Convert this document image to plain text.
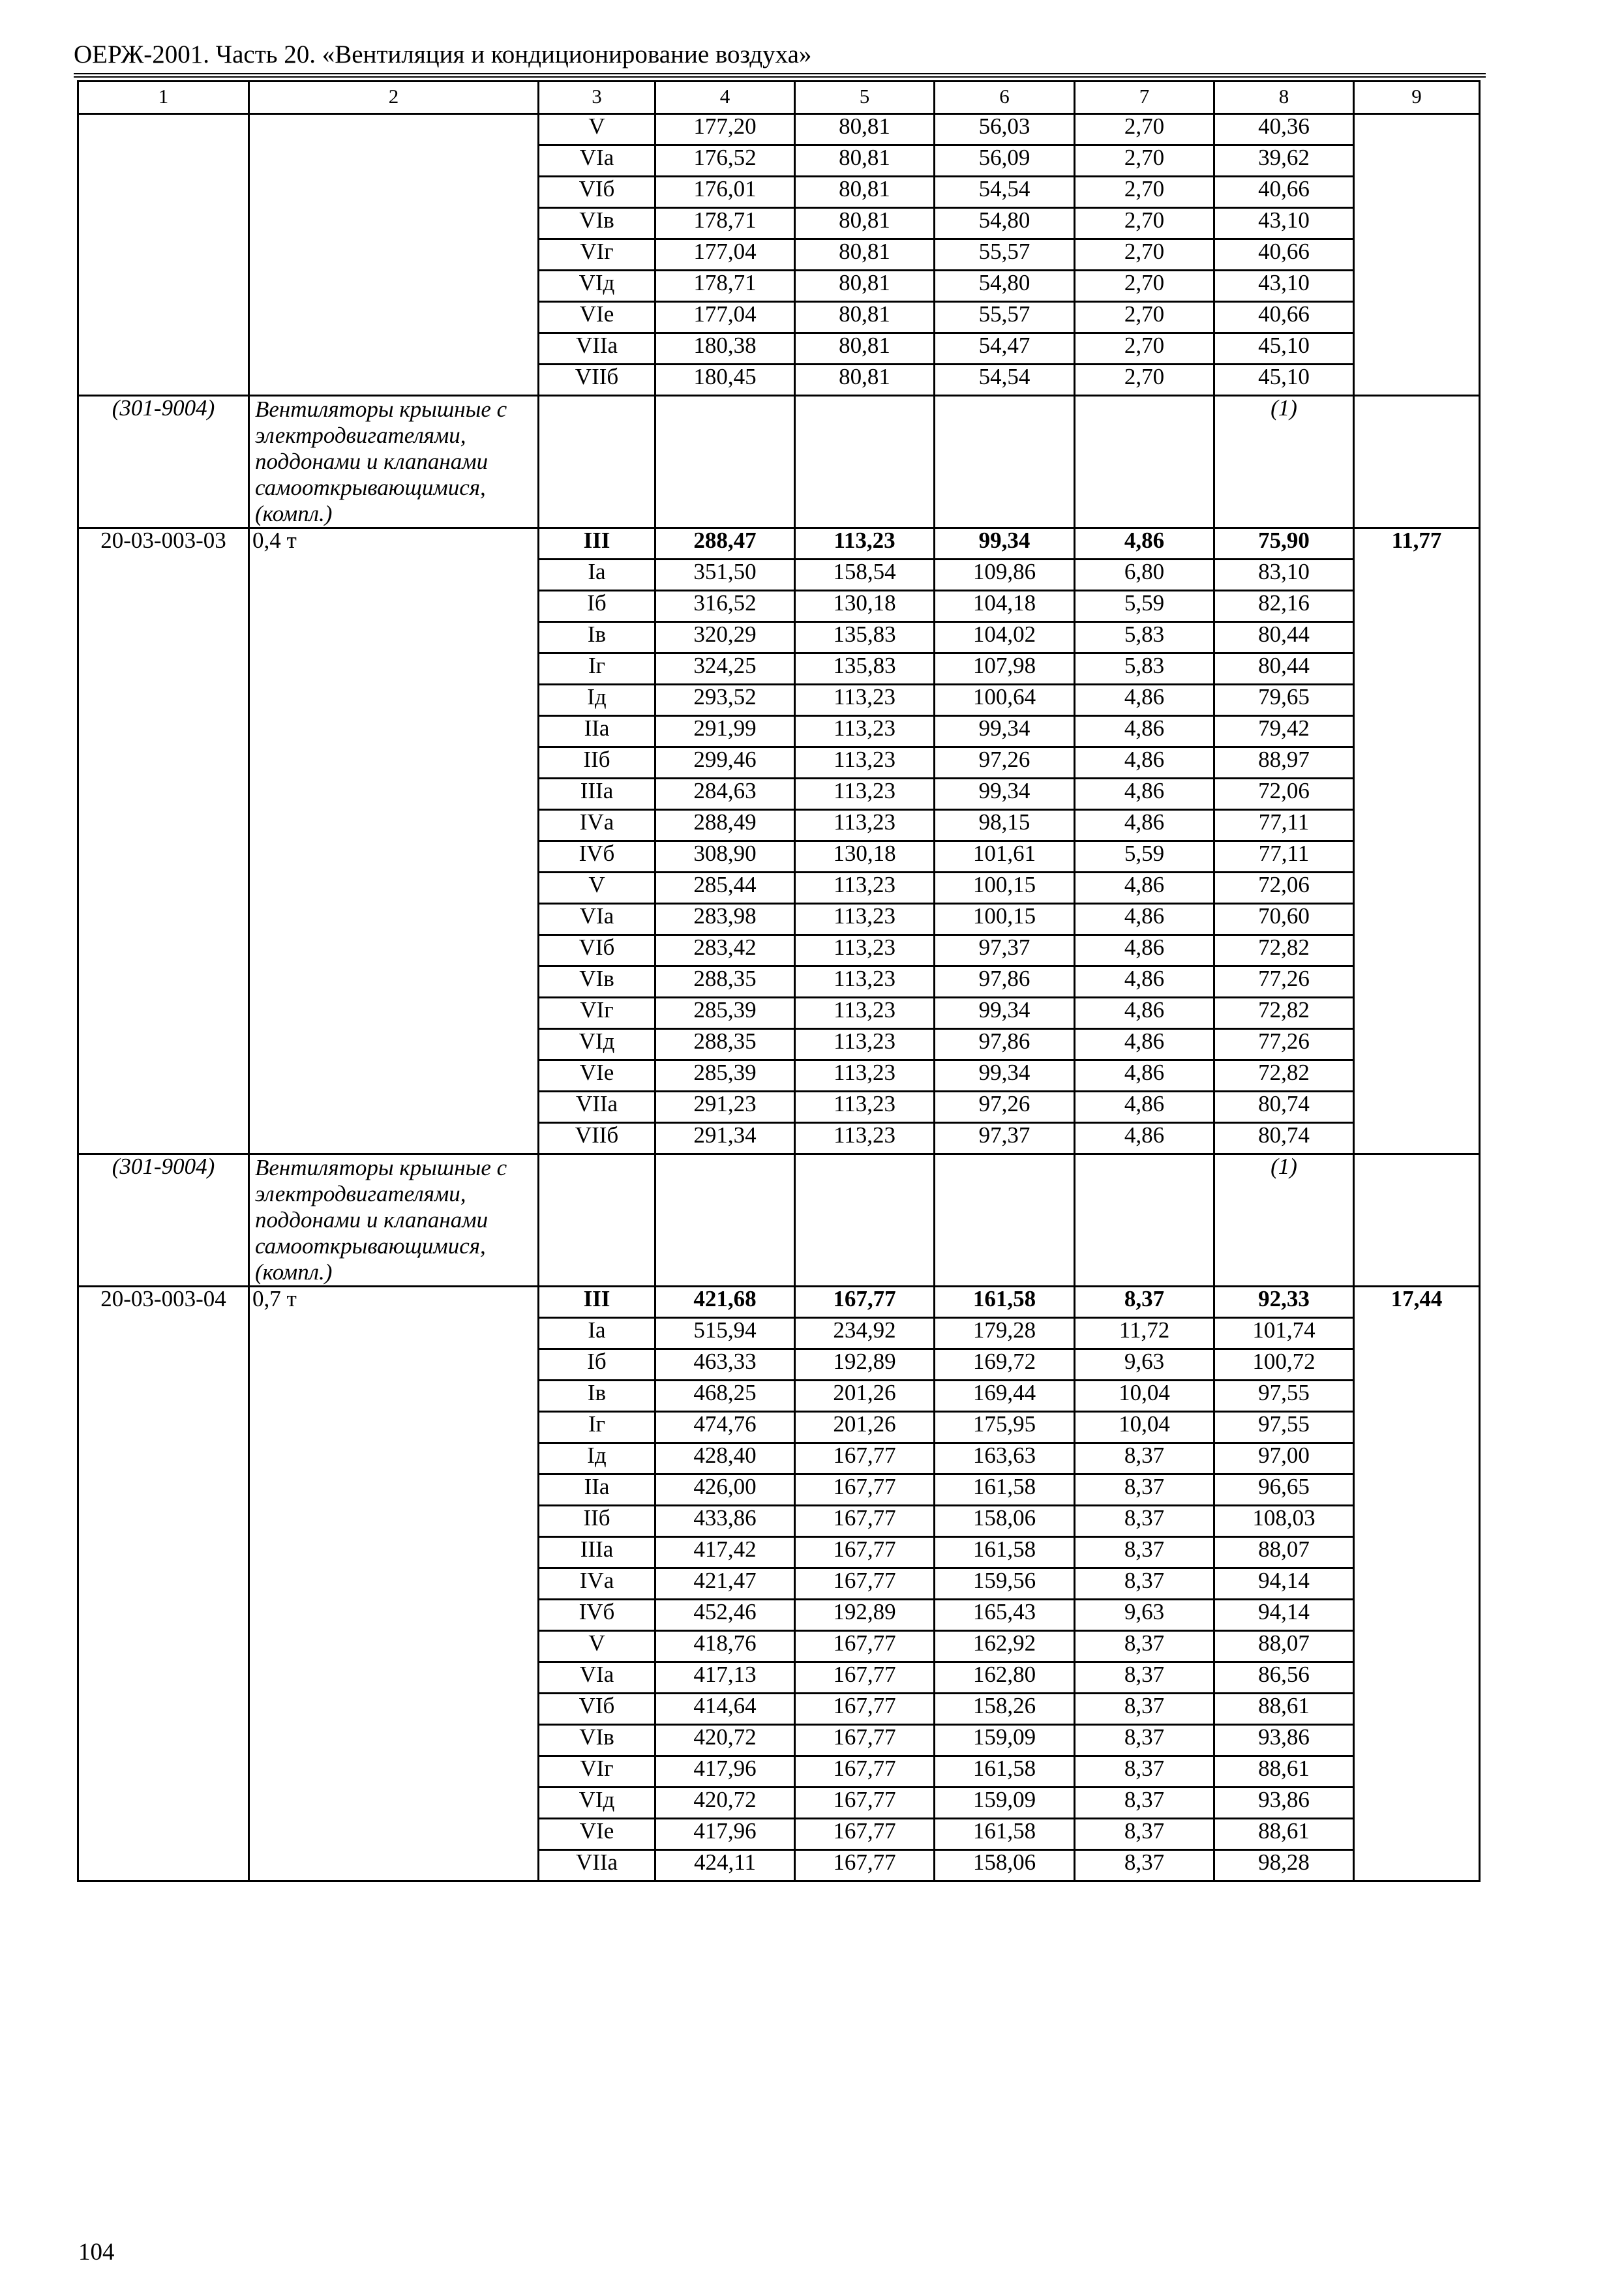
ОЕРЖ-2001. Часть 20. «Вентиляция и кондиционирование воздуха»
1	2	3	4	5	6	7	8	9
		V	177,20	80,81	56,03	2,70	40,36	
		VIа	176,52	80,81	56,09	2,70	39,62	
		VIб	176,01	80,81	54,54	2,70	40,66	
		VIв	178,71	80,81	54,80	2,70	43,10	
		VIг	177,04	80,81	55,57	2,70	40,66	
		VIд	178,71	80,81	54,80	2,70	43,10	
		VIе	177,04	80,81	55,57	2,70	40,66	
		VIIа	180,38	80,81	54,47	2,70	45,10	
		VIIб	180,45	80,81	54,54	2,70	45,10	
(301-9004)	Вентиляторы крышные с электродвигателями, поддонами и клапанами самооткрывающимися, (компл.)						(1)	
20-03-003-03	0,4 т	III	288,47	113,23	99,34	4,86	75,90	11,77
		Iа	351,50	158,54	109,86	6,80	83,10	
		Iб	316,52	130,18	104,18	5,59	82,16	
		Iв	320,29	135,83	104,02	5,83	80,44	
		Iг	324,25	135,83	107,98	5,83	80,44	
		Iд	293,52	113,23	100,64	4,86	79,65	
		IIа	291,99	113,23	99,34	4,86	79,42	
		IIб	299,46	113,23	97,26	4,86	88,97	
		IIIа	284,63	113,23	99,34	4,86	72,06	
		IVа	288,49	113,23	98,15	4,86	77,11	
		IVб	308,90	130,18	101,61	5,59	77,11	
		V	285,44	113,23	100,15	4,86	72,06	
		VIа	283,98	113,23	100,15	4,86	70,60	
		VIб	283,42	113,23	97,37	4,86	72,82	
		VIв	288,35	113,23	97,86	4,86	77,26	
		VIг	285,39	113,23	99,34	4,86	72,82	
		VIд	288,35	113,23	97,86	4,86	77,26	
		VIе	285,39	113,23	99,34	4,86	72,82	
		VIIа	291,23	113,23	97,26	4,86	80,74	
		VIIб	291,34	113,23	97,37	4,86	80,74	
(301-9004)	Вентиляторы крышные с электродвигателями, поддонами и клапанами самооткрывающимися, (компл.)						(1)	
20-03-003-04	0,7 т	III	421,68	167,77	161,58	8,37	92,33	17,44
		Iа	515,94	234,92	179,28	11,72	101,74	
		Iб	463,33	192,89	169,72	9,63	100,72	
		Iв	468,25	201,26	169,44	10,04	97,55	
		Iг	474,76	201,26	175,95	10,04	97,55	
		Iд	428,40	167,77	163,63	8,37	97,00	
		IIа	426,00	167,77	161,58	8,37	96,65	
		IIб	433,86	167,77	158,06	8,37	108,03	
		IIIа	417,42	167,77	161,58	8,37	88,07	
		IVа	421,47	167,77	159,56	8,37	94,14	
		IVб	452,46	192,89	165,43	9,63	94,14	
		V	418,76	167,77	162,92	8,37	88,07	
		VIа	417,13	167,77	162,80	8,37	86,56	
		VIб	414,64	167,77	158,26	8,37	88,61	
		VIв	420,72	167,77	159,09	8,37	93,86	
		VIг	417,96	167,77	161,58	8,37	88,61	
		VIд	420,72	167,77	159,09	8,37	93,86	
		VIе	417,96	167,77	161,58	8,37	88,61	
		VIIа	424,11	167,77	158,06	8,37	98,28	
104
